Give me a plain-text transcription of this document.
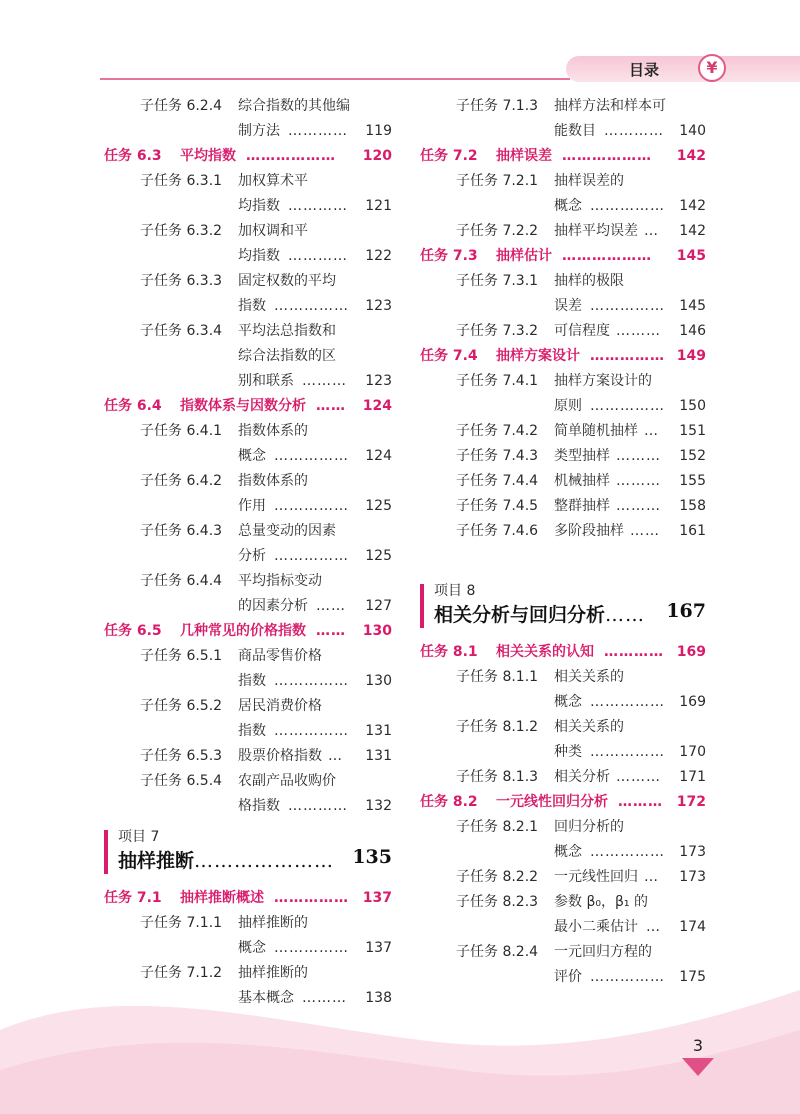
目录	¥
子任务 6.2.4 综合指数的其他编
制方法 ………… 119
任务 6.3 平均指数 ……………… 120
子任务 6.3.1 加权算术平
均指数 ………… 121
子任务 6.3.2 加权调和平
均指数 ………… 122
子任务 6.3.3 固定权数的平均
指数 …………… 123
子任务 6.3.4 平均法总指数和
综合法指数的区
别和联系 ……… 123
任务 6.4 指数体系与因数分析 …… 124
子任务 6.4.1 指数体系的
概念 …………… 124
子任务 6.4.2 指数体系的
作用 …………… 125
子任务 6.4.3 总量变动的因素
分析 …………… 125
子任务 6.4.4 平均指标变动
的因素分析 …… 127
任务 6.5 几种常见的价格指数 …… 130
子任务 6.5.1 商品零售价格
指数 …………… 130
子任务 6.5.2 居民消费价格
指数 …………… 131
子任务 6.5.3 股票价格指数 … 131
子任务 6.5.4 农副产品收购价
格指数 ………… 132
项目 7
抽样推断………………… 135
任务 7.1 抽样推断概述 …………… 137
子任务 7.1.1 抽样推断的
概念 …………… 137
子任务 7.1.2 抽样推断的
基本概念 ……… 138
子任务 7.1.3 抽样方法和样本可
能数目 ………… 140
任务 7.2 抽样误差 ……………… 142
子任务 7.2.1 抽样误差的
概念 …………… 142
子任务 7.2.2 抽样平均误差 … 142
任务 7.3 抽样估计 ……………… 145
子任务 7.3.1 抽样的极限
误差 …………… 145
子任务 7.3.2 可信程度 ……… 146
任务 7.4 抽样方案设计 …………… 149
子任务 7.4.1 抽样方案设计的
原则 …………… 150
子任务 7.4.2 简单随机抽样 … 151
子任务 7.4.3 类型抽样 ……… 152
子任务 7.4.4 机械抽样 ……… 155
子任务 7.4.5 整群抽样 ……… 158
子任务 7.4.6 多阶段抽样 …… 161
项目 8
相关分析与回归分析…… 167
任务 8.1 相关关系的认知 ………… 169
子任务 8.1.1 相关关系的
概念 …………… 169
子任务 8.1.2 相关关系的
种类 …………… 170
子任务 8.1.3 相关分析 ……… 171
任务 8.2 一元线性回归分析 ……… 172
子任务 8.2.1 回归分析的
概念 …………… 173
子任务 8.2.2 一元线性回归 … 173
子任务 8.2.3 参数 β₀，β₁ 的
最小二乘估计 … 174
子任务 8.2.4 一元回归方程的
评价 …………… 175
3
